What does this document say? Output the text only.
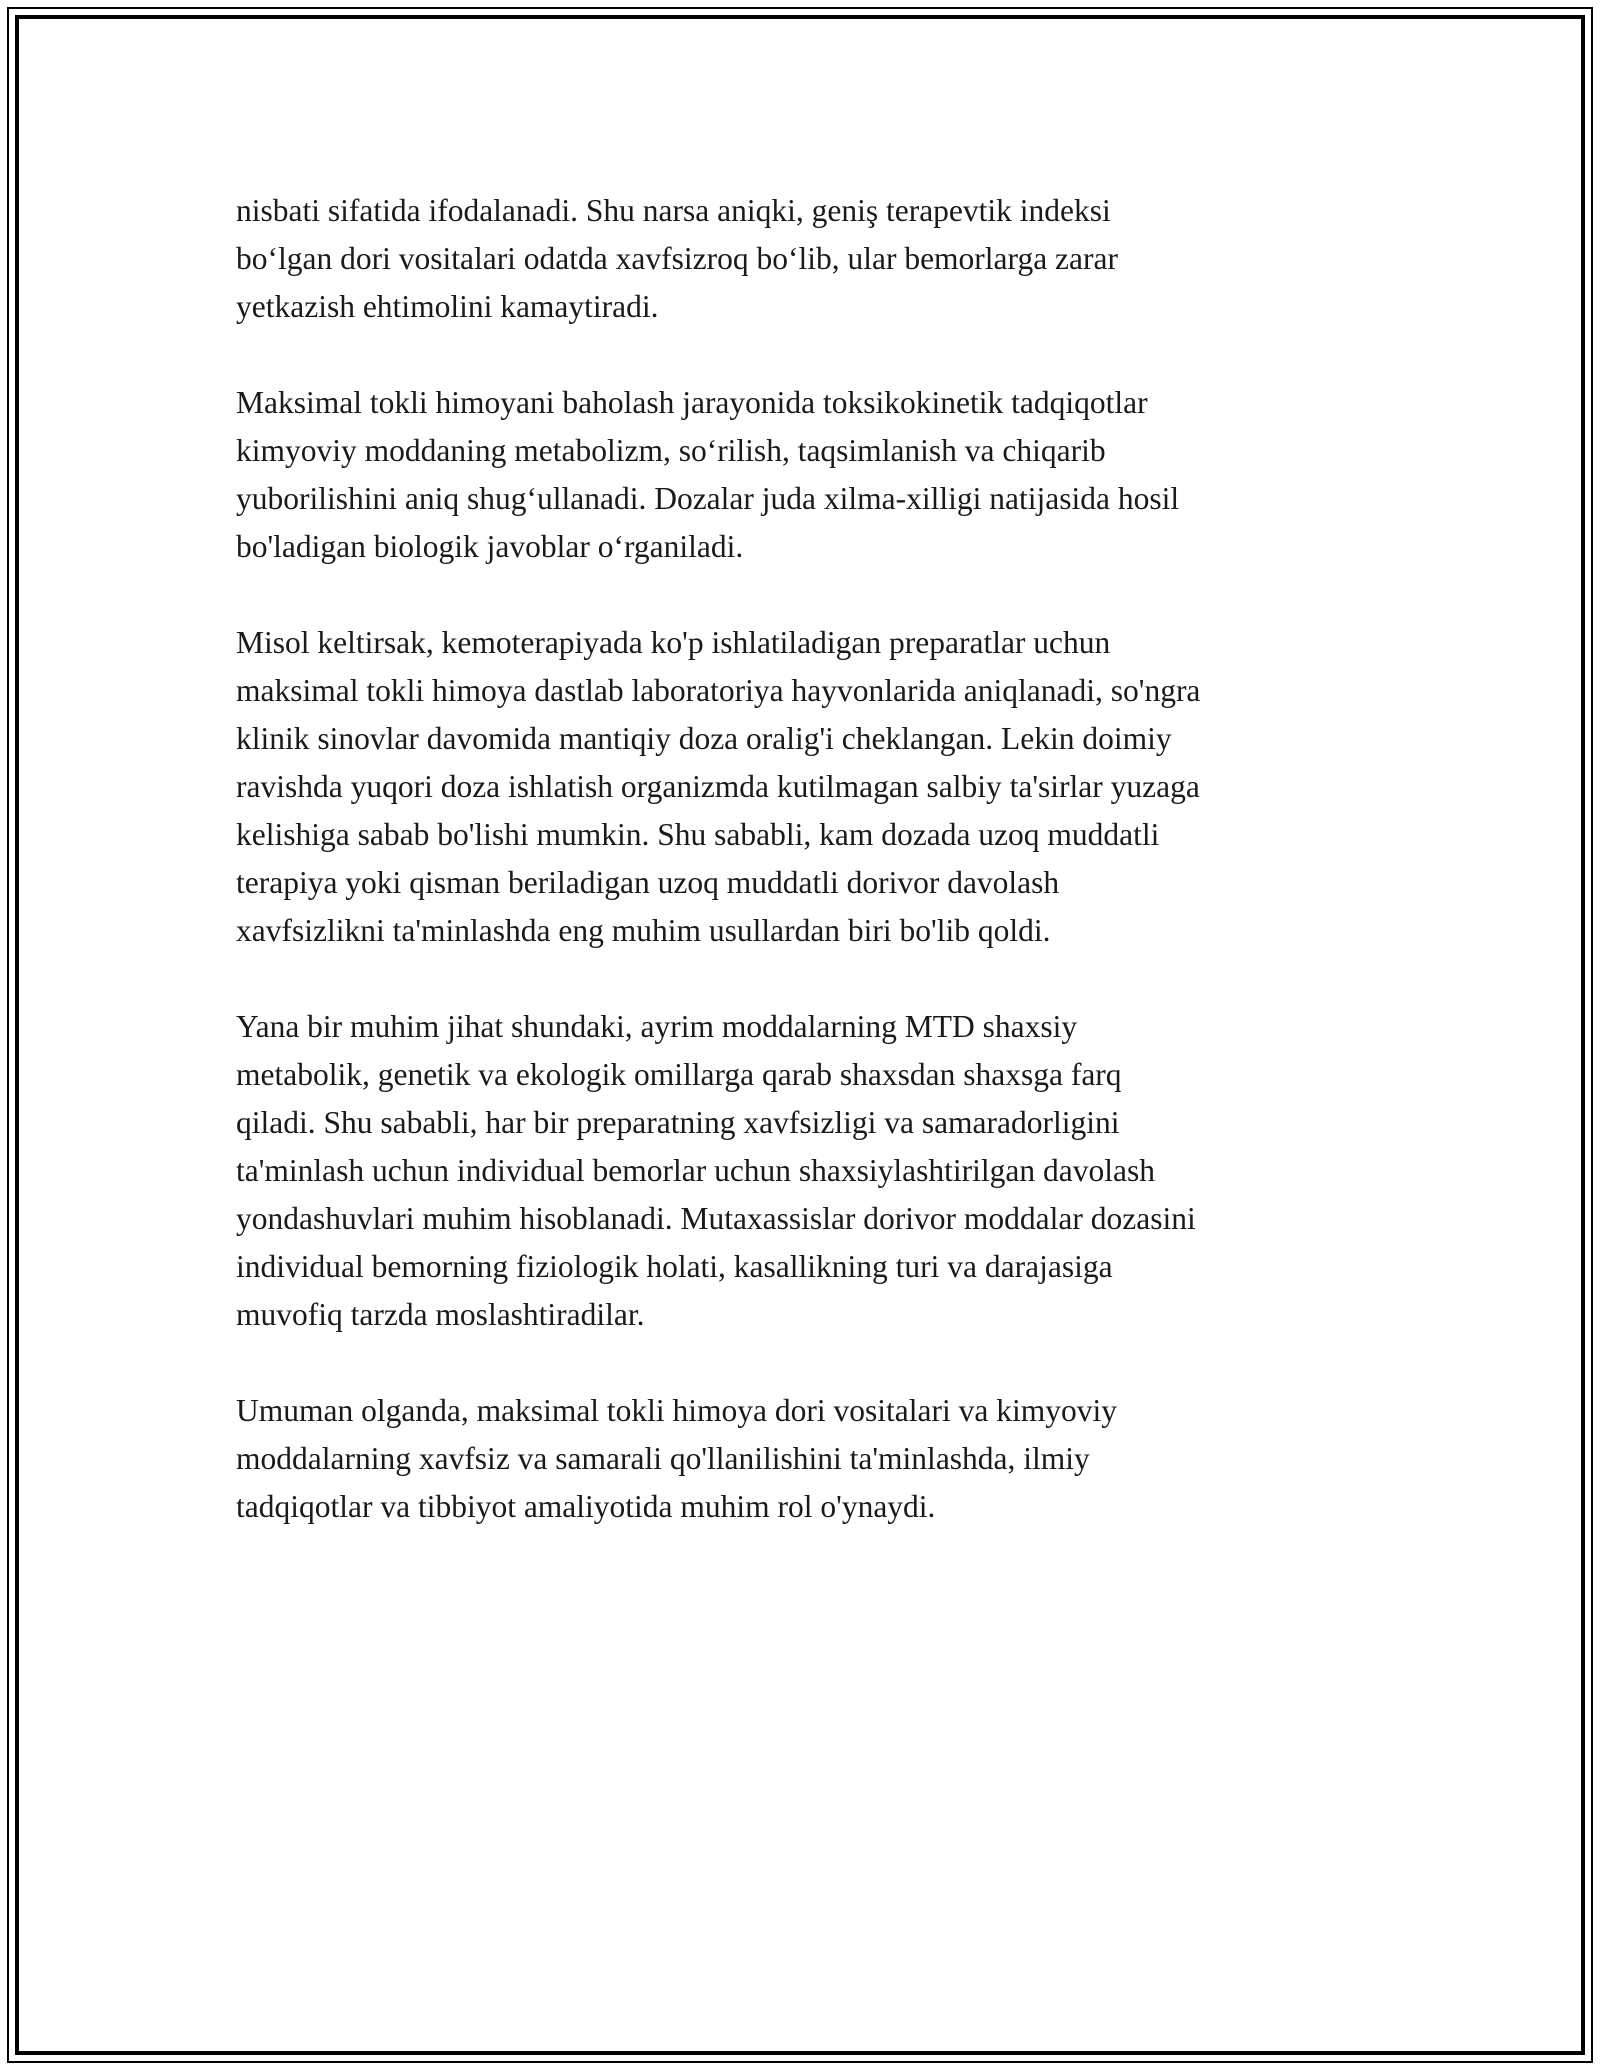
nisbati sifatida ifodalanadi. Shu narsa aniqki, geniş terapevtik indeksi
bo‘lgan dori vositalari odatda xavfsizroq bo‘lib, ular bemorlarga zarar
yetkazish ehtimolini kamaytiradi.

Maksimal tokli himoyani baholash jarayonida toksikokinetik tadqiqotlar
kimyoviy moddaning metabolizm, so‘rilish, taqsimlanish va chiqarib
yuborilishini aniq shug‘ullanadi. Dozalar juda xilma-xilligi natijasida hosil
bo'ladigan biologik javoblar o‘rganiladi.

Misol keltirsak, kemoterapiyada ko'p ishlatiladigan preparatlar uchun
maksimal tokli himoya dastlab laboratoriya hayvonlarida aniqlanadi, so'ngra
klinik sinovlar davomida mantiqiy doza oralig'i cheklangan. Lekin doimiy
ravishda yuqori doza ishlatish organizmda kutilmagan salbiy ta'sirlar yuzaga
kelishiga sabab bo'lishi mumkin. Shu sababli, kam dozada uzoq muddatli
terapiya yoki qisman beriladigan uzoq muddatli dorivor davolash
xavfsizlikni ta'minlashda eng muhim usullardan biri bo'lib qoldi.

Yana bir muhim jihat shundaki, ayrim moddalarning MTD shaxsiy
metabolik, genetik va ekologik omillarga qarab shaxsdan shaxsga farq
qiladi. Shu sababli, har bir preparatning xavfsizligi va samaradorligini
ta'minlash uchun individual bemorlar uchun shaxsiylashtirilgan davolash
yondashuvlari muhim hisoblanadi. Mutaxassislar dorivor moddalar dozasini
individual bemorning fiziologik holati, kasallikning turi va darajasiga
muvofiq tarzda moslashtiradilar.

Umuman olganda, maksimal tokli himoya dori vositalari va kimyoviy
moddalarning xavfsiz va samarali qo'llanilishini ta'minlashda, ilmiy
tadqiqotlar va tibbiyot amaliyotida muhim rol o'ynaydi.
